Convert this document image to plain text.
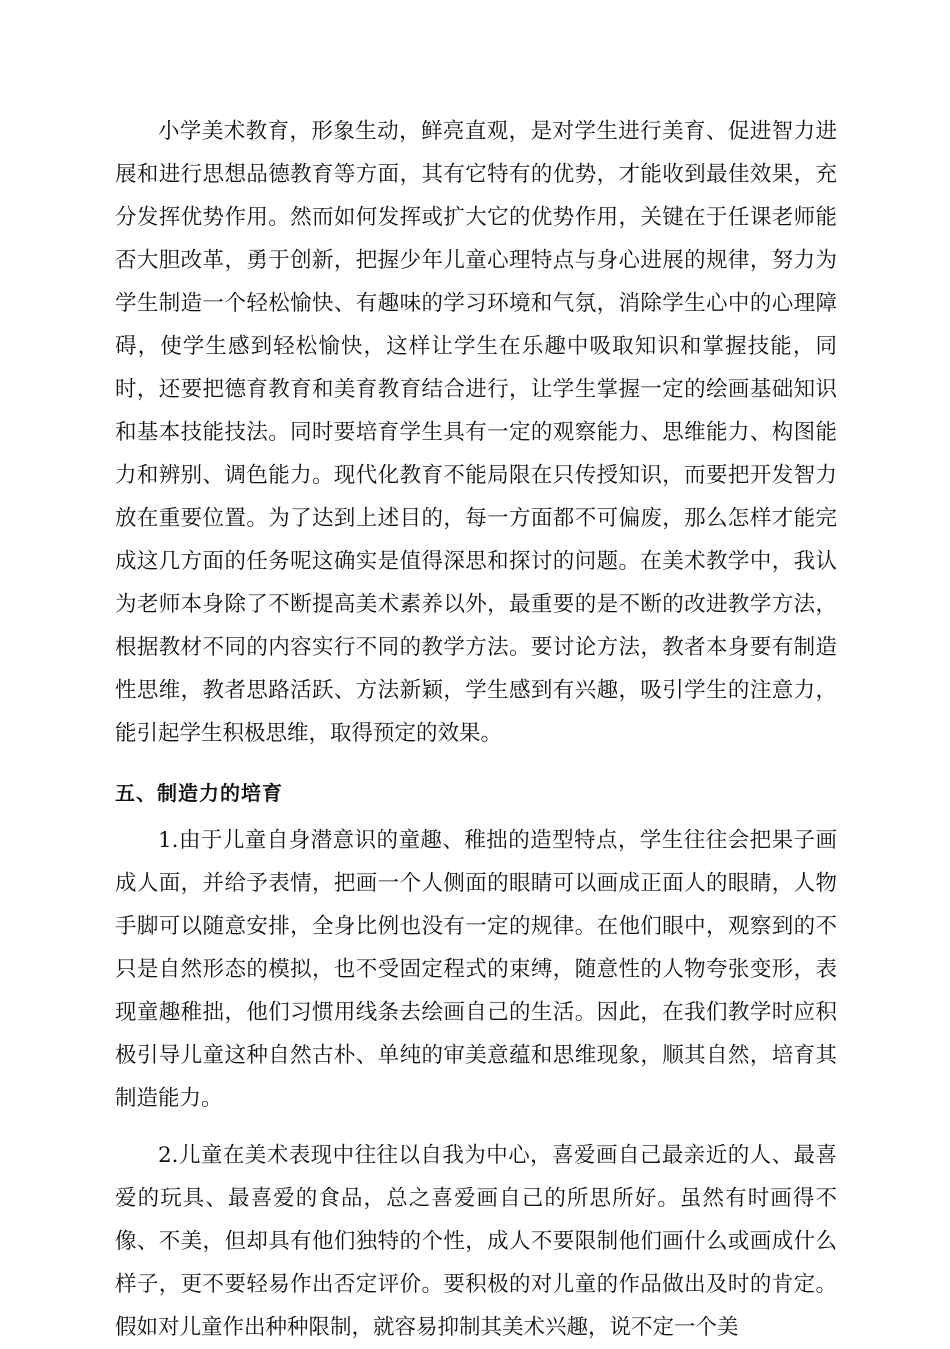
小学美术教育，形象生动，鲜亮直观，是对学生进行美育、促进智力进展和进行思想品德教育等方面，其有它特有的优势，才能收到最佳效果，充分发挥优势作用。然而如何发挥或扩大它的优势作用，关键在于任课老师能否大胆改革，勇于创新，把握少年儿童心理特点与身心进展的规律，努力为学生制造一个轻松愉快、有趣味的学习环境和气氛，消除学生心中的心理障碍，使学生感到轻松愉快，这样让学生在乐趣中吸取知识和掌握技能，同时，还要把德育教育和美育教育结合进行，让学生掌握一定的绘画基础知识和基本技能技法。同时要培育学生具有一定的观察能力、思维能力、构图能力和辨别、调色能力。现代化教育不能局限在只传授知识，而要把开发智力放在重要位置。为了达到上述目的，每一方面都不可偏废，那么怎样才能完成这几方面的任务呢这确实是值得深思和探讨的问题。在美术教学中，我认为老师本身除了不断提高美术素养以外，最重要的是不断的改进教学方法，根据教材不同的内容实行不同的教学方法。要讨论方法，教者本身要有制造性思维，教者思路活跃、方法新颖，学生感到有兴趣，吸引学生的注意力，能引起学生积极思维，取得预定的效果。

五、制造力的培育

1.由于儿童自身潜意识的童趣、稚拙的造型特点，学生往往会把果子画成人面，并给予表情，把画一个人侧面的眼睛可以画成正面人的眼睛，人物手脚可以随意安排，全身比例也没有一定的规律。在他们眼中，观察到的不只是自然形态的模拟，也不受固定程式的束缚，随意性的人物夸张变形，表现童趣稚拙，他们习惯用线条去绘画自己的生活。因此，在我们教学时应积极引导儿童这种自然古朴、单纯的审美意蕴和思维现象，顺其自然，培育其制造能力。

2.儿童在美术表现中往往以自我为中心，喜爱画自己最亲近的人、最喜爱的玩具、最喜爱的食品，总之喜爱画自己的所思所好。虽然有时画得不像、不美，但却具有他们独特的个性，成人不要限制他们画什么或画成什么样子，更不要轻易作出否定评价。要积极的对儿童的作品做出及时的肯定。假如对儿童作出种种限制，就容易抑制其美术兴趣，说不定一个美
